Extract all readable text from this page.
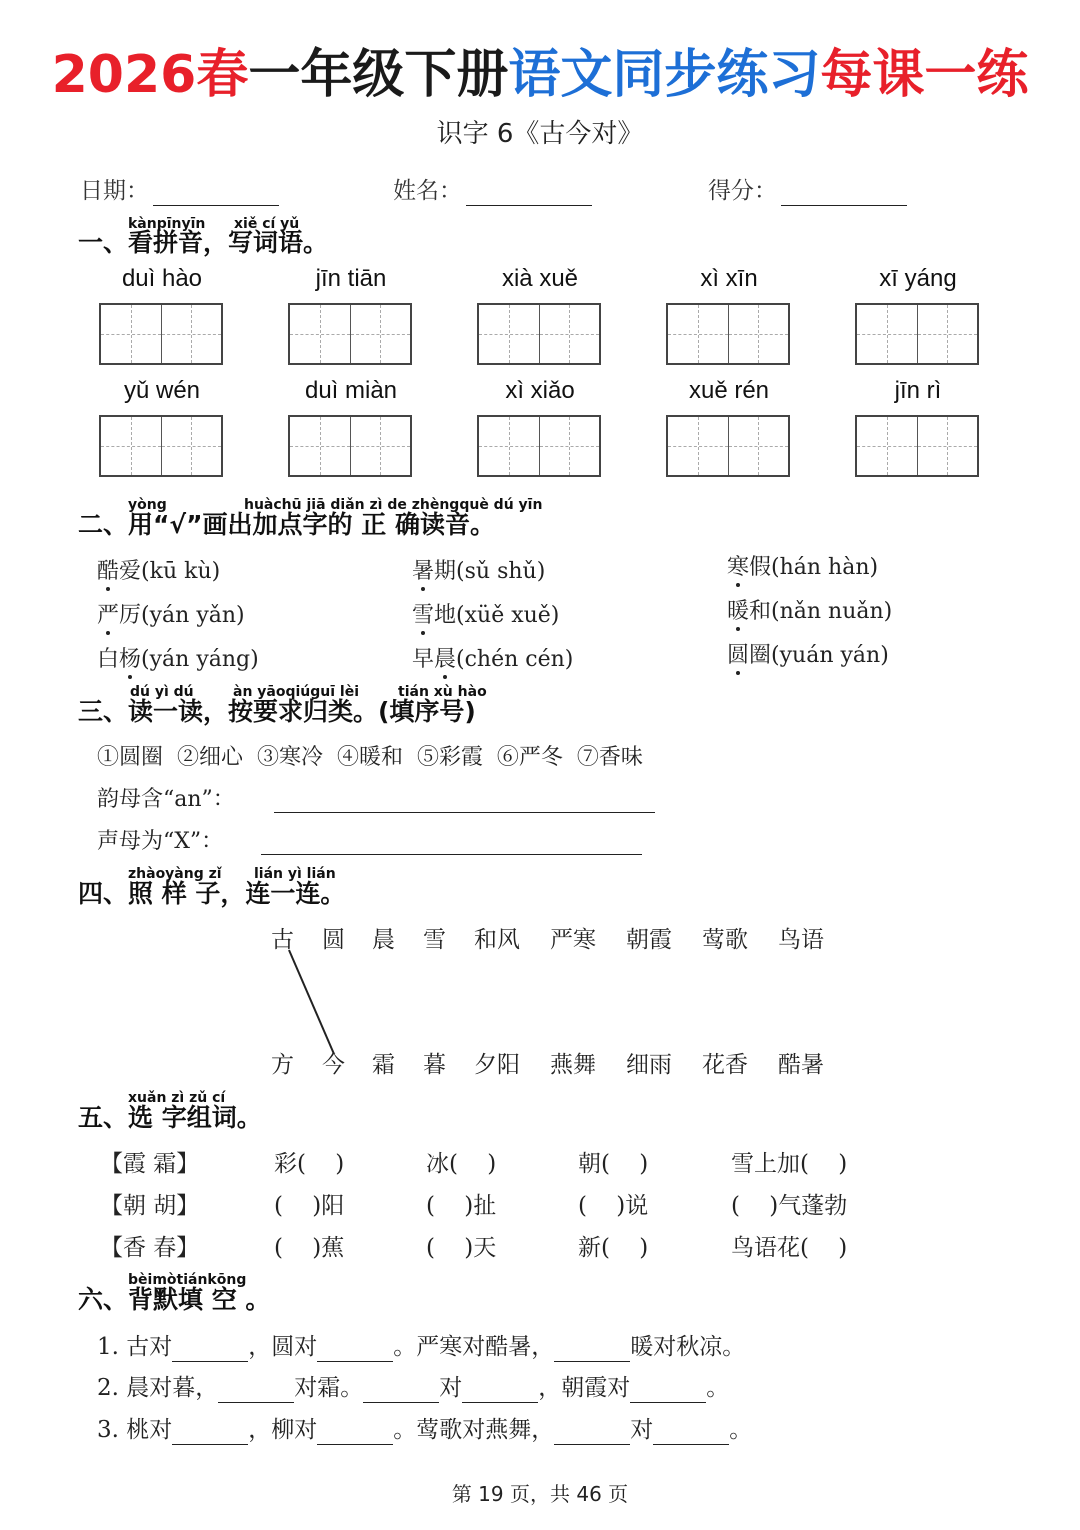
2026春一年级下册语文同步练习每课一练
识字 6《古今对》
日期：	姓名：	得分：
kànpīnyīn xiě cí yǔ
一、看拼音，写词语。
duì hào	jīn tiān	xià xuě	xì xīn	xī yáng
yǔ wén	duì miàn	xì xiǎo	xuě rén	jīn rì
yòng	huàchū jiā diǎn zì de zhèngquè dú yīn
二、用“√”画出加点字的 正 确读音。
酷爱(kū kù)	暑期(sǔ shǔ)	寒假(hán hàn)
严厉(yán yǎn)	雪地(xüě xuě)	暖和(nǎn nuǎn)
白杨(yán yáng)	早晨(chén cén)	圆圈(yuán yán)
dú yì dú	àn yāoqiúguī lèi	tián xù hào
三、读一读，按要求归类。(填序号)
①圆圈  ②细心  ③寒冷  ④暖和  ⑤彩霞  ⑥严冬  ⑦香味
韵母含“an”：
声母为“X”：
zhàoyàng zǐ lián yì lián
四、照 样 子，连一连。
古 圆 晨 雪 和风 严寒 朝霞 莺歌 鸟语
方 今 霜 暮 夕阳 燕舞 细雨 花香 酷暑
xuǎn zì zǔ cí
五、选 字组词。
【霞 霜】	彩(    )	冰(    )	朝(    )	雪上加(    )
【朝 胡】	(    )阳	(    )扯	(    )说	(    )气蓬勃
【香 春】	(    )蕉	(    )天	新(    )	鸟语花(    )
bèimòtiánkōng
六、背默填 空 。
1. 古对	，圆对	。严寒对酷暑，	暖对秋凉。
2. 晨对暮，	对霜。	对	，朝霞对	。
3. 桃对	，柳对	。莺歌对燕舞，	对	。
第 19 页，共 46 页
